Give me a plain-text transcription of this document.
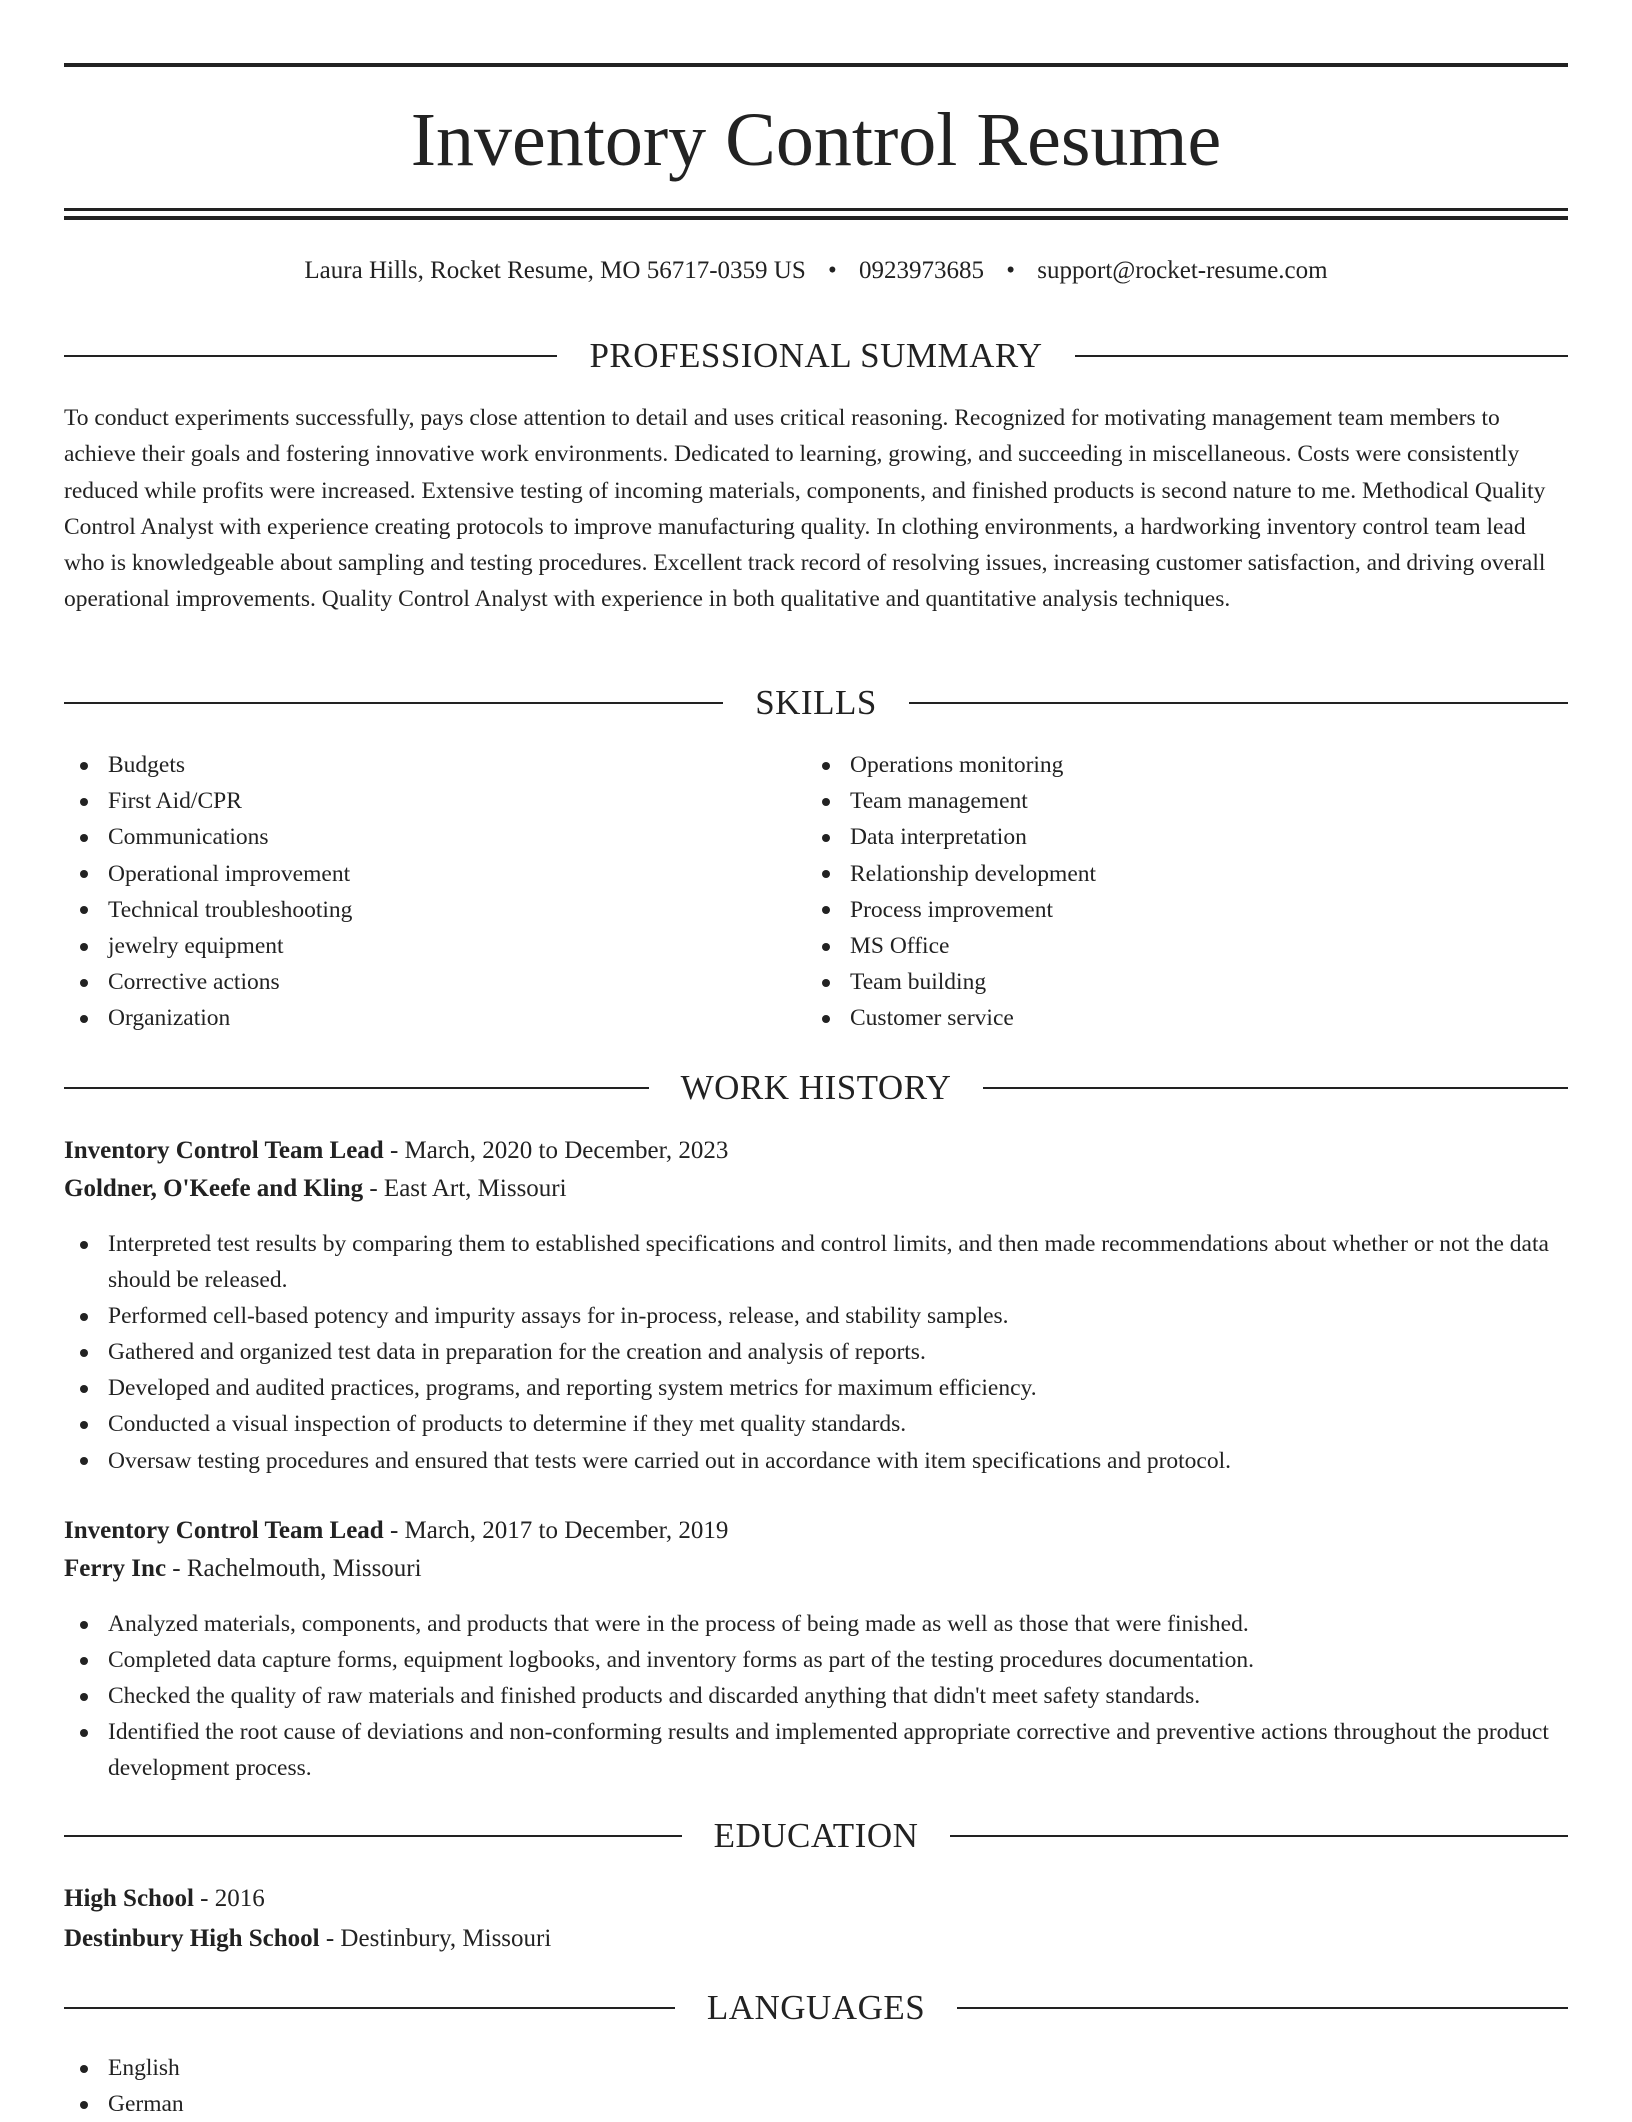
Inventory Control Resume
Laura Hills, Rocket Resume, MO 56717-0359 US • 0923973685 • support@rocket-resume.com
PROFESSIONAL SUMMARY

To conduct experiments successfully, pays close attention to detail and uses critical reasoning. Recognized for motivating management team members to achieve their goals and fostering innovative work environments. Dedicated to learning, growing, and succeeding in miscellaneous. Costs were consistently reduced while profits were increased. Extensive testing of incoming materials, components, and finished products is second nature to me. Methodical Quality Control Analyst with experience creating protocols to improve manufacturing quality. In clothing environments, a hardworking inventory control team lead who is knowledgeable about sampling and testing procedures. Excellent track record of resolving issues, increasing customer satisfaction, and driving overall operational improvements. Quality Control Analyst with experience in both qualitative and quantitative analysis techniques.

SKILLS
Budgets
First Aid/CPR
Communications
Operational improvement
Technical troubleshooting
jewelry equipment
Corrective actions
Organization
Operations monitoring
Team management
Data interpretation
Relationship development
Process improvement
MS Office
Team building
Customer service
WORK HISTORY
Inventory Control Team Lead - March, 2020 to December, 2023
Goldner, O'Keefe and Kling - East Art, Missouri
Interpreted test results by comparing them to established specifications and control limits, and then made recommendations about whether or not the data should be released.
Performed cell-based potency and impurity assays for in-process, release, and stability samples.
Gathered and organized test data in preparation for the creation and analysis of reports.
Developed and audited practices, programs, and reporting system metrics for maximum efficiency.
Conducted a visual inspection of products to determine if they met quality standards.
Oversaw testing procedures and ensured that tests were carried out in accordance with item specifications and protocol.
Inventory Control Team Lead - March, 2017 to December, 2019
Ferry Inc - Rachelmouth, Missouri
Analyzed materials, components, and products that were in the process of being made as well as those that were finished.
Completed data capture forms, equipment logbooks, and inventory forms as part of the testing procedures documentation.
Checked the quality of raw materials and finished products and discarded anything that didn't meet safety standards.
Identified the root cause of deviations and non-conforming results and implemented appropriate corrective and preventive actions throughout the product development process.
EDUCATION
High School - 2016
Destinbury High School - Destinbury, Missouri
LANGUAGES
English
German
